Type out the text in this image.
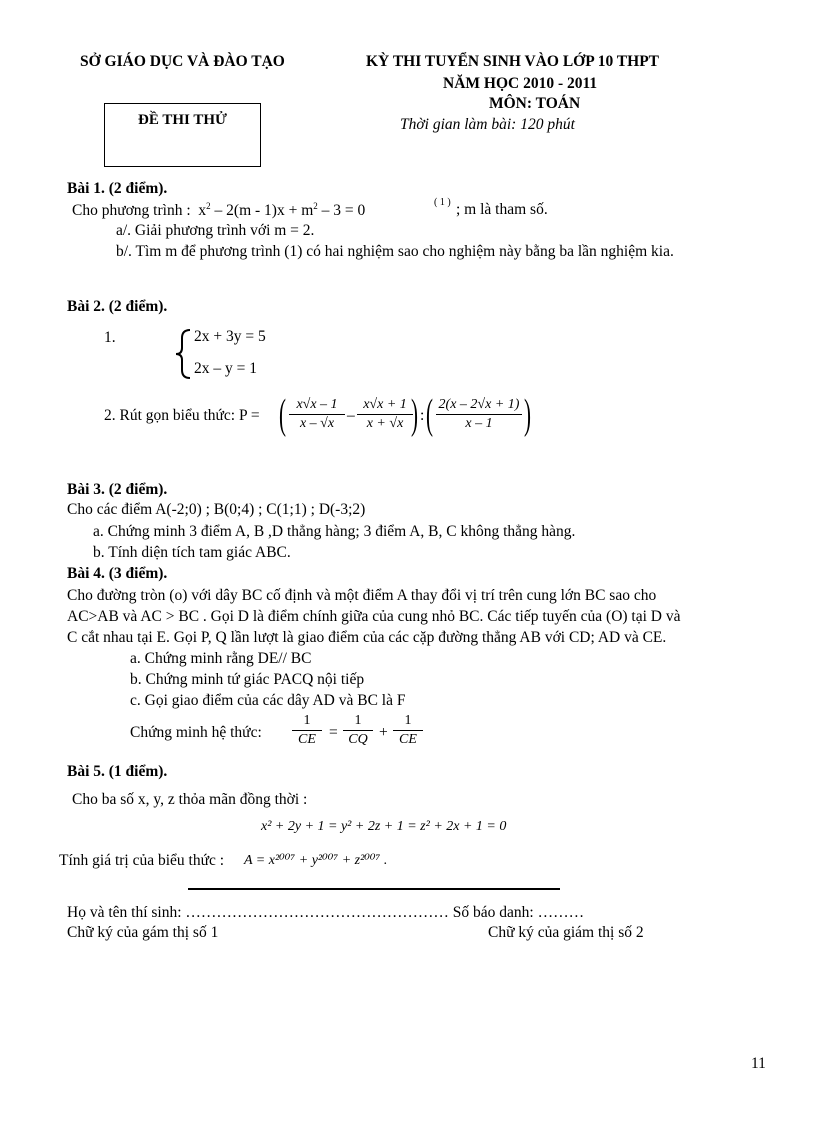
SỞ GIÁO DỤC VÀ ĐÀO TẠO	KỲ THI TUYỂN SINH VÀO LỚP 10 THPT
NĂM HỌC 2010 - 2011
MÔN: TOÁN
ĐỀ THI THỬ	Thời gian làm bài: 120 phút
Bài 1. (2 điểm).
Cho phương trình : $x^2 - 2(m - 1)x + m^2 - 3 = 0$	( 1 ) ; m là tham số.
a/. Giải phương trình với m = 2.
b/. Tìm m để phương trình (1) có hai nghiệm sao cho nghiệm này bằng ba lần nghiệm kia.
Bài 2. (2 điểm).
1.	2x + 3y = 5
2x – y = 1
2. Rút gọn biểu thức: P = ( x√x – 1
x – √x –
x√x + 1
x + √x ) : ( 2(x – 2√x + 1)
x – 1 )
Bài 3. (2 điểm).
Cho các điểm A(-2;0) ; B(0;4) ; C(1;1) ; D(-3;2)
a. Chứng minh 3 điểm A, B ,D thẳng hàng; 3 điểm A, B, C không thẳng hàng.
b. Tính diện tích tam giác ABC.
Bài 4. (3 điểm).
Cho đường tròn (o) với dây BC cố định và một điểm A thay đổi vị trí trên cung lớn BC sao cho
AC>AB và AC > BC . Gọi D là điểm chính giữa của cung nhỏ BC. Các tiếp tuyến của (O) tại D và
C cắt nhau tại E. Gọi P, Q lần lượt là giao điểm của các cặp đường thẳng AB với CD; AD và CE.
a. Chứng minh rằng DE// BC
b. Chứng minh tứ giác PACQ nội tiếp
c. Gọi giao điểm của các dây AD và BC là F
Chứng minh hệ thức:
1
CE =
1
CQ +
1
CE
Bài 5. (1 điểm).
Cho ba số x, y, z thỏa mãn đồng thời :
x² + 2y + 1 = y² + 2z + 1 = z² + 2x + 1 = 0
Tính giá trị của biểu thức : A = x²⁰⁰⁷ + y²⁰⁰⁷ + z²⁰⁰⁷ .
Họ và tên thí sinh: …………………………………………… Số báo danh: ………
Chữ ký của gám thị số 1	Chữ ký của giám thị số 2
11
